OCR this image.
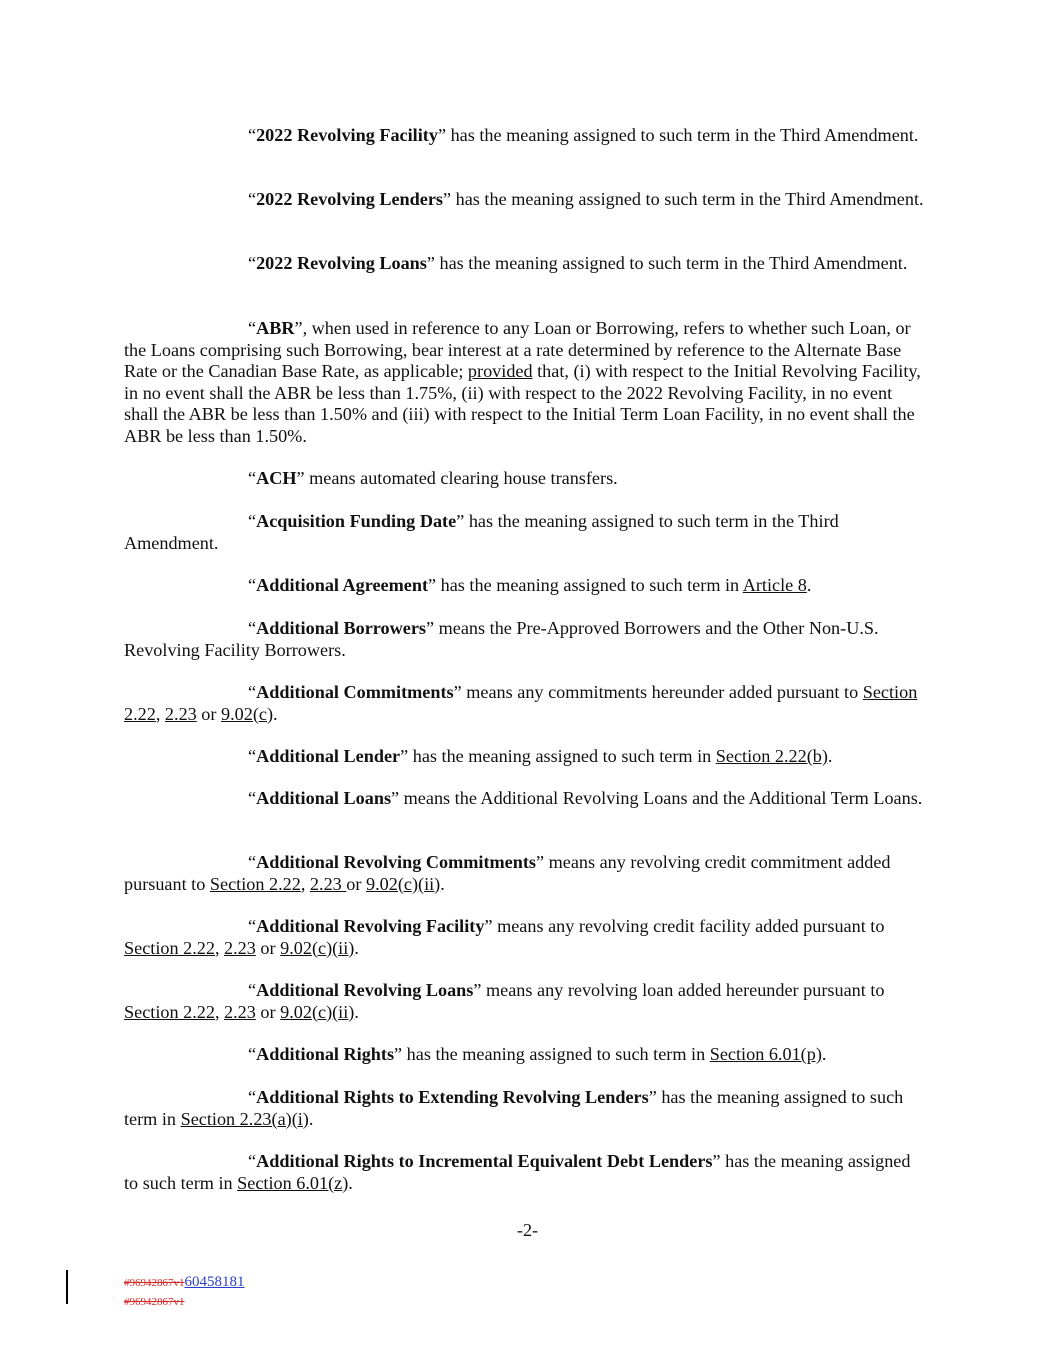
“2022 Revolving Facility” has the meaning assigned to such term in the Third Amendment.

“2022 Revolving Lenders” has the meaning assigned to such term in the Third Amendment.

“2022 Revolving Loans” has the meaning assigned to such term in the Third Amendment.

“ABR”, when used in reference to any Loan or Borrowing, refers to whether such Loan, or the Loans comprising such Borrowing, bear interest at a rate determined by reference to the Alternate Base Rate or the Canadian Base Rate, as applicable; provided that, (i) with respect to the Initial Revolving Facility, in no event shall the ABR be less than 1.75%, (ii) with respect to the 2022 Revolving Facility, in no event shall the ABR be less than 1.50% and (iii) with respect to the Initial Term Loan Facility, in no event shall the ABR be less than 1.50%.

“ACH” means automated clearing house transfers.

“Acquisition Funding Date” has the meaning assigned to such term in the Third Amendment.

“Additional Agreement” has the meaning assigned to such term in Article 8.

“Additional Borrowers” means the Pre-Approved Borrowers and the Other Non-U.S. Revolving Facility Borrowers.

“Additional Commitments” means any commitments hereunder added pursuant to Section 2.22, 2.23 or 9.02(c).

“Additional Lender” has the meaning assigned to such term in Section 2.22(b).

“Additional Loans” means the Additional Revolving Loans and the Additional Term Loans.

“Additional Revolving Commitments” means any revolving credit commitment added pursuant to Section 2.22, 2.23 or 9.02(c)(ii).

“Additional Revolving Facility” means any revolving credit facility added pursuant to Section 2.22, 2.23 or 9.02(c)(ii).

“Additional Revolving Loans” means any revolving loan added hereunder pursuant to Section 2.22, 2.23 or 9.02(c)(ii).

“Additional Rights” has the meaning assigned to such term in Section 6.01(p).

“Additional Rights to Extending Revolving Lenders” has the meaning assigned to such term in Section 2.23(a)(i).

“Additional Rights to Incremental Equivalent Debt Lenders” has the meaning assigned to such term in Section 6.01(z).

-2-
#96942867v160458181
#96942867v1
